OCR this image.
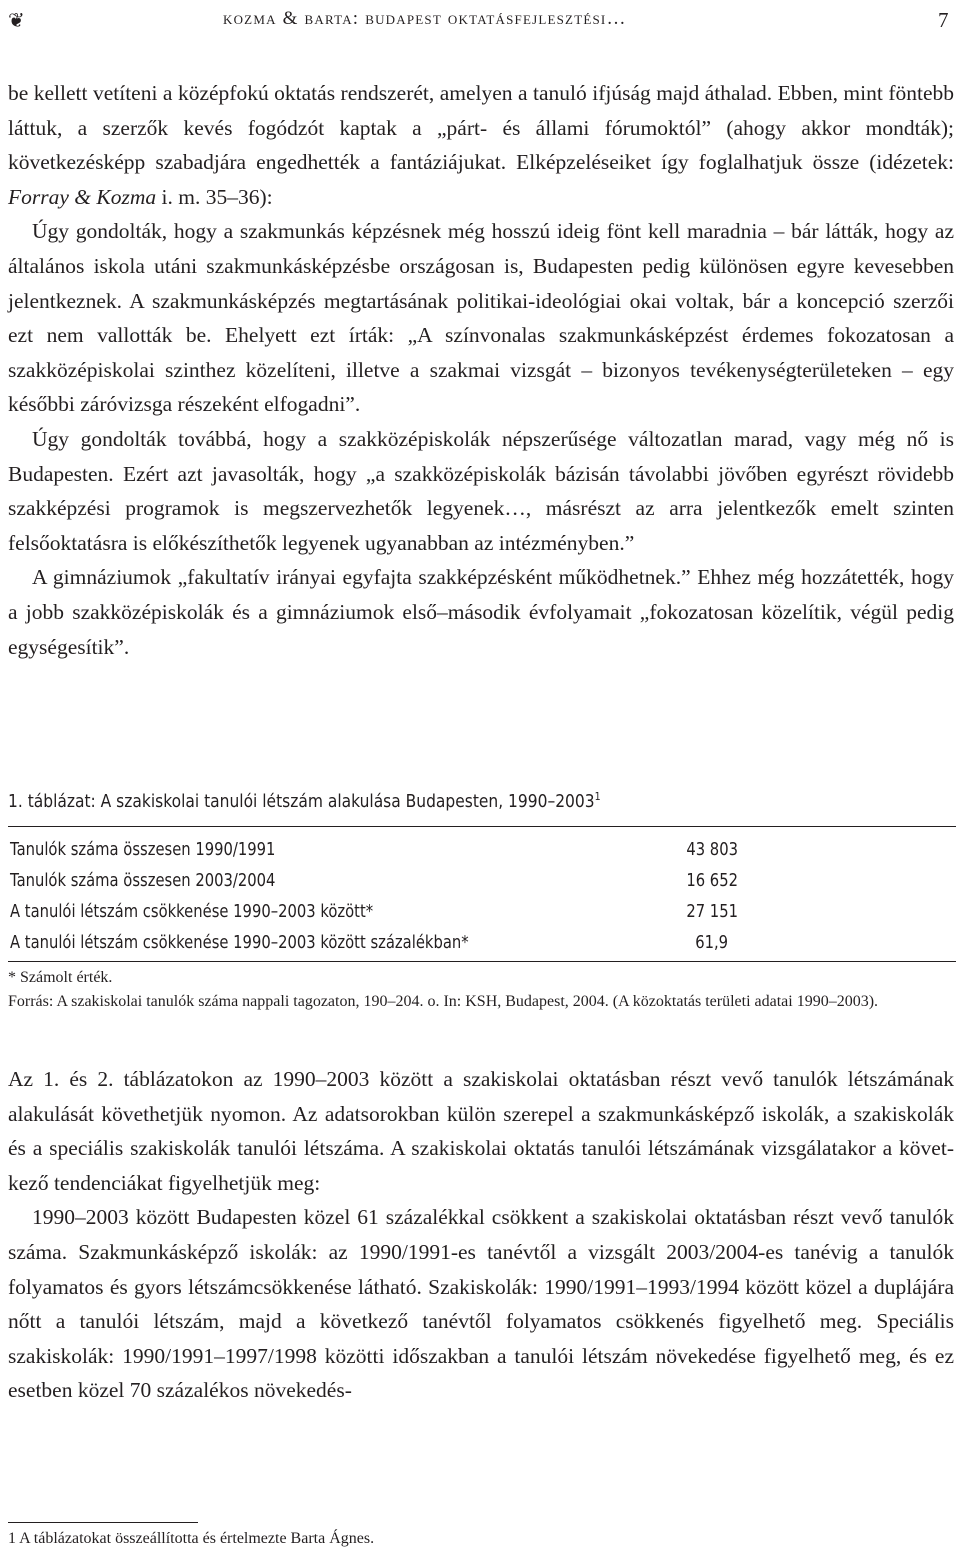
❦	kozma & barta: budapest oktatásfejlesztési…	7

be kellett vetíteni a középfokú oktatás rendszerét, amelyen a tanuló ifjúság majd áthalad. Ebben, mint föntebb láttuk, a szerzők kevés fogódzót kaptak a „párt- és állami fórumoktól” (ahogy akkor mondták); következésképp szabadjára engedhették a fantáziájukat. Elképzeléseiket így foglalhatjuk össze (idézetek: Forray & Kozma i. m. 35–36):

Úgy gondolták, hogy a szakmunkás képzésnek még hosszú ideig fönt kell maradnia – bár látták, hogy az általános iskola utáni szakmunkásképzésbe országosan is, Budapesten pedig különösen egyre kevesebben jelentkeznek. A szakmunkásképzés megtartásának politikai-ideológiai okai voltak, bár a koncepció szerzői ezt nem vallották be. Ehelyett ezt írták: „A színvonalas szakmunkásképzést érdemes fokozatosan a szakközépiskolai szinthez közelíteni, illetve a szakmai vizsgát – bizonyos tevékenységterületeken – egy későbbi záróvizsga részeként elfogadni”.

Úgy gondolták továbbá, hogy a szakközépiskolák népszerűsége változatlan marad, vagy még nő is Budapesten. Ezért azt javasolták, hogy „a szakközépiskolák bázisán távolabbi jövőben egyrészt rövidebb szakképzési programok is megszervezhetők legyenek…, másrészt az arra jelentkezők emelt szinten felsőoktatásra is előkészíthetők legyenek ugyanabban az intézményben.”

A gimnáziumok „fakultatív irányai egyfajta szakképzésként működhetnek.” Ehhez még hozzátették, hogy a jobb szakközépiskolák és a gimnáziumok első–második évfolyamait „fokozatosan közelítik, végül pedig egységesítik”.

1. táblázat: A szakiskolai tanulói létszám alakulása Budapesten, 1990–2003$^1$
Tanulók száma összesen 1990/1991	43 803
Tanulók száma összesen 2003/2004	16 652
A tanulói létszám csökkenése 1990–2003 között*	27 151
A tanulói létszám csökkenése 1990–2003 között százalékban*	61,9

* Számolt érték.

Forrás: A szakiskolai tanulók száma nappali tagozaton, 190–204. o. In: KSH, Budapest, 2004. (A közoktatás területi adatai 1990–2003).

Az 1. és 2. táblázatokon az 1990–2003 között a szakiskolai oktatásban részt vevő tanulók létszámának alakulását követhetjük nyomon. Az adatsorokban külön szerepel a szakmunkásképző iskolák, a szakiskolák és a speciális szakiskolák tanulói létszáma. A szakiskolai oktatás tanulói létszámának vizsgálatakor a következő tendenciákat figyelhetjük meg:

1990–2003 között Budapesten közel 61 százalékkal csökkent a szakiskolai oktatásban részt vevő tanulók száma. Szakmunkásképző iskolák: az 1990/1991-es tanévtől a vizsgált 2003/2004-es tanévig a tanulók folyamatos és gyors létszámcsökkenése látható. Szakiskolák: 1990/1991–1993/1994 között közel a duplájára nőtt a tanulói létszám, majd a következő tanévtől folyamatos csökkenés figyelhető meg. Speciális szakiskolák: 1990/1991–1997/1998 közötti időszakban a tanulói létszám növekedése figyelhető meg, és ez esetben közel 70 százalékos növekedés-

1 A táblázatokat összeállította és értelmezte Barta Ágnes.
